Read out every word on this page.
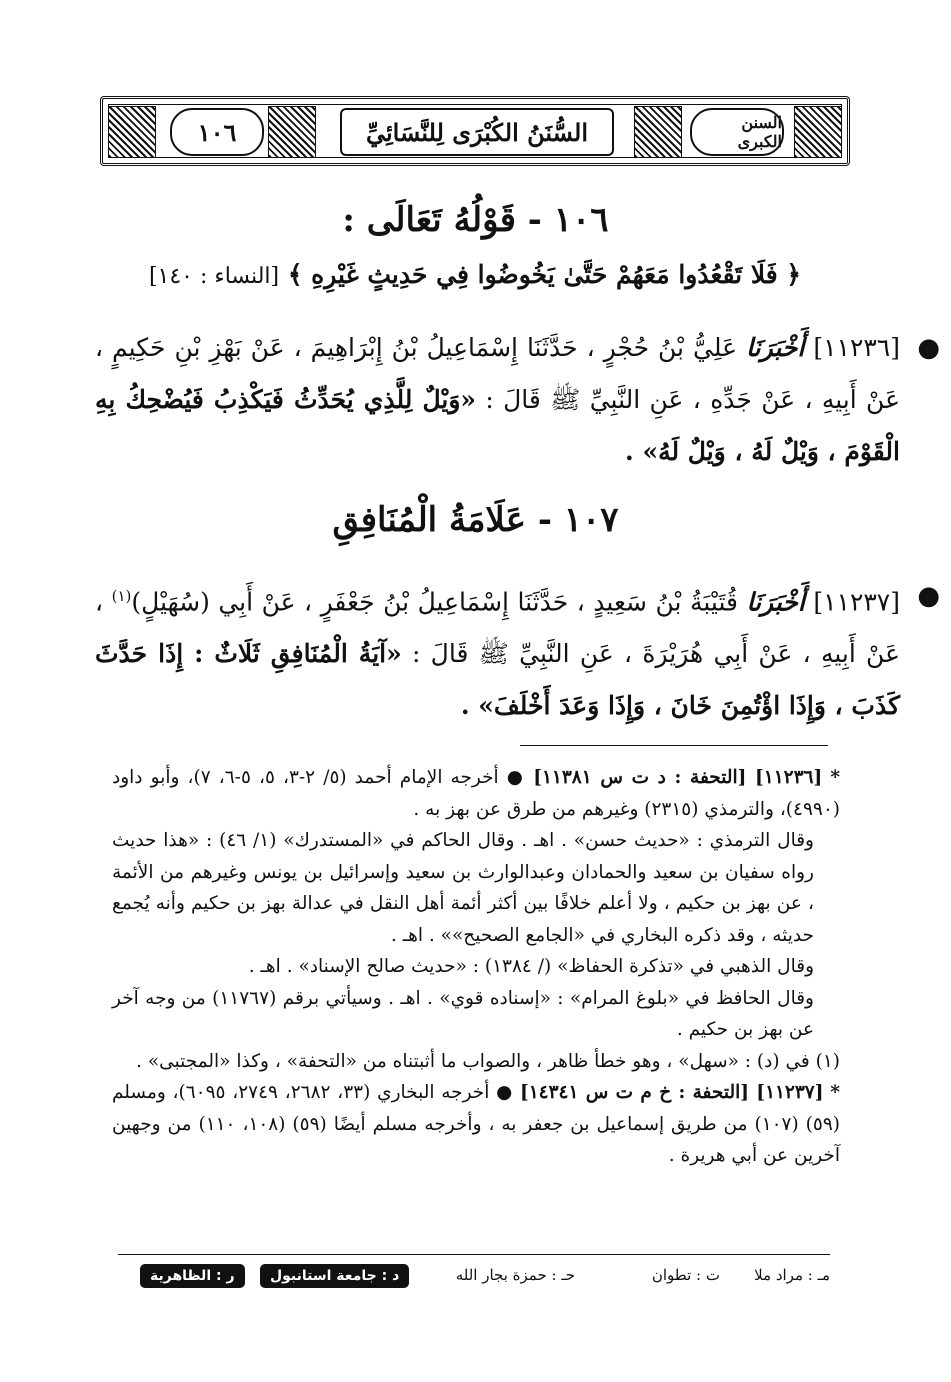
١٠٦	السُّنَنُ الكُبْرَى لِلنَّسَائِيِّ	السنن الكبرى
١٠٦ - قَوْلُهُ تَعَالَى :
﴿ فَلَا تَقْعُدُوا مَعَهُمْ حَتَّىٰ يَخُوضُوا فِي حَدِيثٍ غَيْرِهِ ﴾ [النساء : ١٤٠]
●
[١١٢٣٦] أَخْبَرَنَا عَلِيُّ بْنُ حُجْرٍ ، حَدَّثَنَا إِسْمَاعِيلُ بْنُ إِبْرَاهِيمَ ، عَنْ بَهْزِ بْنِ حَكِيمٍ ، عَنْ أَبِيهِ ، عَنْ جَدِّهِ ، عَنِ النَّبِيِّ ﷺ قَالَ : «وَيْلٌ لِلَّذِي يُحَدِّثُ فَيَكْذِبُ فَيُضْحِكُ بِهِ الْقَوْمَ ، وَيْلٌ لَهُ ، وَيْلٌ لَهُ» .
١٠٧ - عَلَامَةُ الْمُنَافِقِ
●
[١١٢٣٧] أَخْبَرَنَا قُتَيْبَةُ بْنُ سَعِيدٍ ، حَدَّثَنَا إِسْمَاعِيلُ بْنُ جَعْفَرٍ ، عَنْ أَبِي (سُهَيْلٍ)$^{(١)}$ ، عَنْ أَبِيهِ ، عَنْ أَبِي هُرَيْرَةَ ، عَنِ النَّبِيِّ ﷺ قَالَ : «آيَةُ الْمُنَافِقِ ثَلَاثٌ : إِذَا حَدَّثَ كَذَبَ ، وَإِذَا اؤْتُمِنَ خَانَ ، وَإِذَا وَعَدَ أَخْلَفَ» .

* [١١٢٣٦] [التحفة : د ت س ١١٣٨١] ● أخرجه الإمام أحمد (٥/ ٢-٣، ٥، ٥-٦، ٧)، وأبو داود (٤٩٩٠)، والترمذي (٢٣١٥) وغيرهم من طرق عن بهز به .

وقال الترمذي : «حديث حسن» . اهـ . وقال الحاكم في «المستدرك» (١/ ٤٦) : «هذا حديث رواه سفيان بن سعيد والحمادان وعبدالوارث بن سعيد وإسرائيل بن يونس وغيرهم من الأئمة ، عن بهز بن حكيم ، ولا أعلم خلافًا بين أكثر أئمة أهل النقل في عدالة بهز بن حكيم وأنه يُجمع حديثه ، وقد ذكره البخاري في «الجامع الصحيح»» . اهـ .

وقال الذهبي في «تذكرة الحفاظ» (/ ١٣٨٤) : «حديث صالح الإسناد» . اهـ .

وقال الحافظ في «بلوغ المرام» : «إسناده قوي» . اهـ . وسيأتي برقم (١١٧٦٧) من وجه آخر عن بهز بن حكيم .

(١) في (د) : «سهل» ، وهو خطأ ظاهر ، والصواب ما أثبتناه من «التحفة» ، وكذا «المجتبى» .

* [١١٢٣٧] [التحفة : خ م ت س ١٤٣٤١] ● أخرجه البخاري (٣٣، ٢٦٨٢، ٢٧٤٩، ٦٠٩٥)، ومسلم (٥٩) (١٠٧) من طريق إسماعيل بن جعفر به ، وأخرجه مسلم أيضًا (٥٩) (١٠٨، ١١٠) من وجهين آخرين عن أبي هريرة .

مـ : مراد ملا
ت : تطوان
حـ : حمزة بجار الله
د : جامعة استانبول
ر : الظاهرية
